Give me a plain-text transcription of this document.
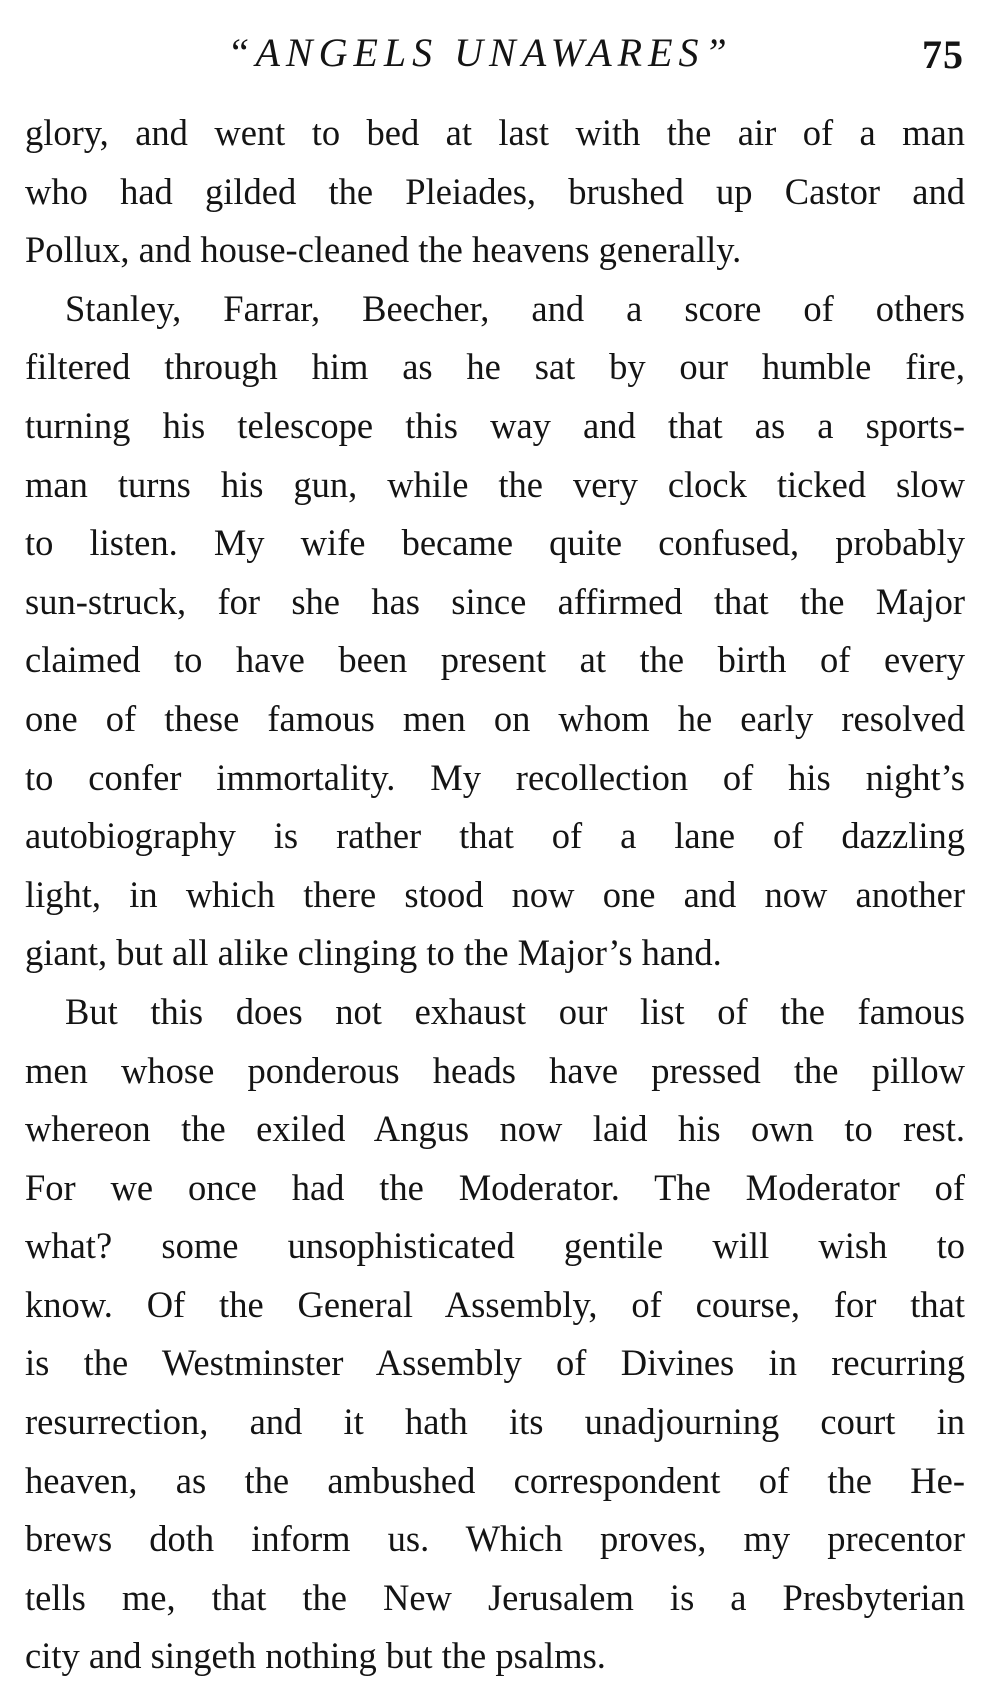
“ANGELS UNAWARES”	75
glory, and went to bed at last with the air of a man
who had gilded the Pleiades, brushed up Castor and
Pollux, and house-cleaned the heavens generally.
Stanley, Farrar, Beecher, and a score of others
filtered through him as he sat by our humble fire,
turning his telescope this way and that as a sports-
man turns his gun, while the very clock ticked slow
to listen. My wife became quite confused, probably
sun-struck, for she has since affirmed that the Major
claimed to have been present at the birth of every
one of these famous men on whom he early resolved
to confer immortality. My recollection of his night’s
autobiography is rather that of a lane of dazzling
light, in which there stood now one and now another
giant, but all alike clinging to the Major’s hand.
But this does not exhaust our list of the famous
men whose ponderous heads have pressed the pillow
whereon the exiled Angus now laid his own to rest.
For we once had the Moderator. The Moderator of
what? some unsophisticated gentile will wish to
know. Of the General Assembly, of course, for that
is the Westminster Assembly of Divines in recurring
resurrection, and it hath its unadjourning court in
heaven, as the ambushed correspondent of the He-
brews doth inform us. Which proves, my precentor
tells me, that the New Jerusalem is a Presbyterian
city and singeth nothing but the psalms.
